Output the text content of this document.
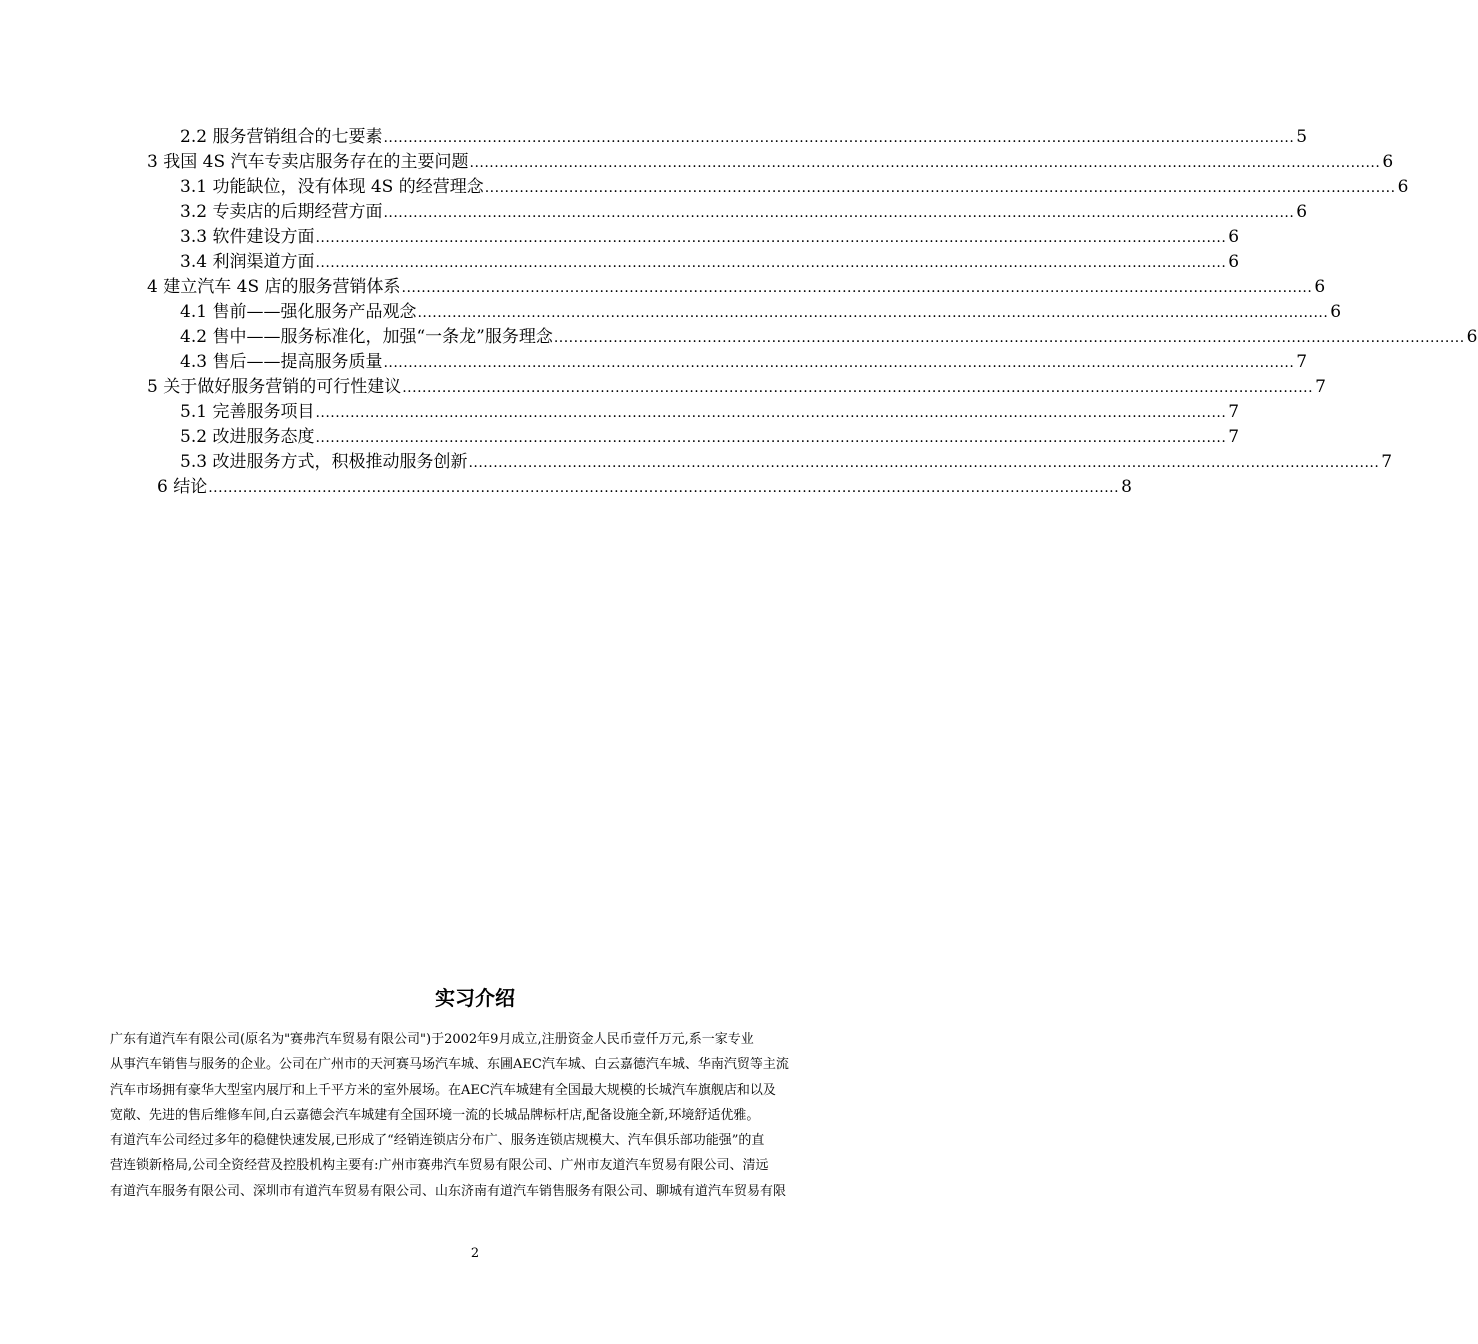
2.2 服务营销组合的七要素 ........................................................................................................................................................................................ 5
3 我国 4S 汽车专卖店服务存在的主要问题 ........................................................................................................................................................................................ 6
3.1 功能缺位，没有体现 4S 的经营理念 ........................................................................................................................................................................................ 6
3.2 专卖店的后期经营方面 ........................................................................................................................................................................................ 6
3.3 软件建设方面 ........................................................................................................................................................................................ 6
3.4 利润渠道方面 ........................................................................................................................................................................................ 6
4 建立汽车 4S 店的服务营销体系 ........................................................................................................................................................................................ 6
4.1 售前——强化服务产品观念 ........................................................................................................................................................................................ 6
4.2 售中——服务标准化，加强“一条龙”服务理念 ........................................................................................................................................................................................ 6
4.3 售后——提高服务质量 ........................................................................................................................................................................................ 7
5 关于做好服务营销的可行性建议 ........................................................................................................................................................................................ 7
5.1 完善服务项目 ........................................................................................................................................................................................ 7
5.2 改进服务态度 ........................................................................................................................................................................................ 7
5.3 改进服务方式，积极推动服务创新 ........................................................................................................................................................................................ 7
6 结论 ........................................................................................................................................................................................ 8
实习介绍
广东有道汽车有限公司(原名为"赛弗汽车贸易有限公司")于2002年9月成立,注册资金人民币壹仟万元,系一家专业
从事汽车销售与服务的企业。公司在广州市的天河赛马场汽车城、东圃AEC汽车城、白云嘉德汽车城、华南汽贸等主流
汽车市场拥有豪华大型室内展厅和上千平方米的室外展场。在AEC汽车城建有全国最大规模的长城汽车旗舰店和以及
宽敞、先进的售后维修车间,白云嘉德会汽车城建有全国环境一流的长城品牌标杆店,配备设施全新,环境舒适优雅。
有道汽车公司经过多年的稳健快速发展,已形成了“经销连锁店分布广、服务连锁店规模大、汽车俱乐部功能强”的直
营连锁新格局,公司全资经营及控股机构主要有:广州市赛弗汽车贸易有限公司、广州市友道汽车贸易有限公司、清远
有道汽车服务有限公司、深圳市有道汽车贸易有限公司、山东济南有道汽车销售服务有限公司、聊城有道汽车贸易有限
2
